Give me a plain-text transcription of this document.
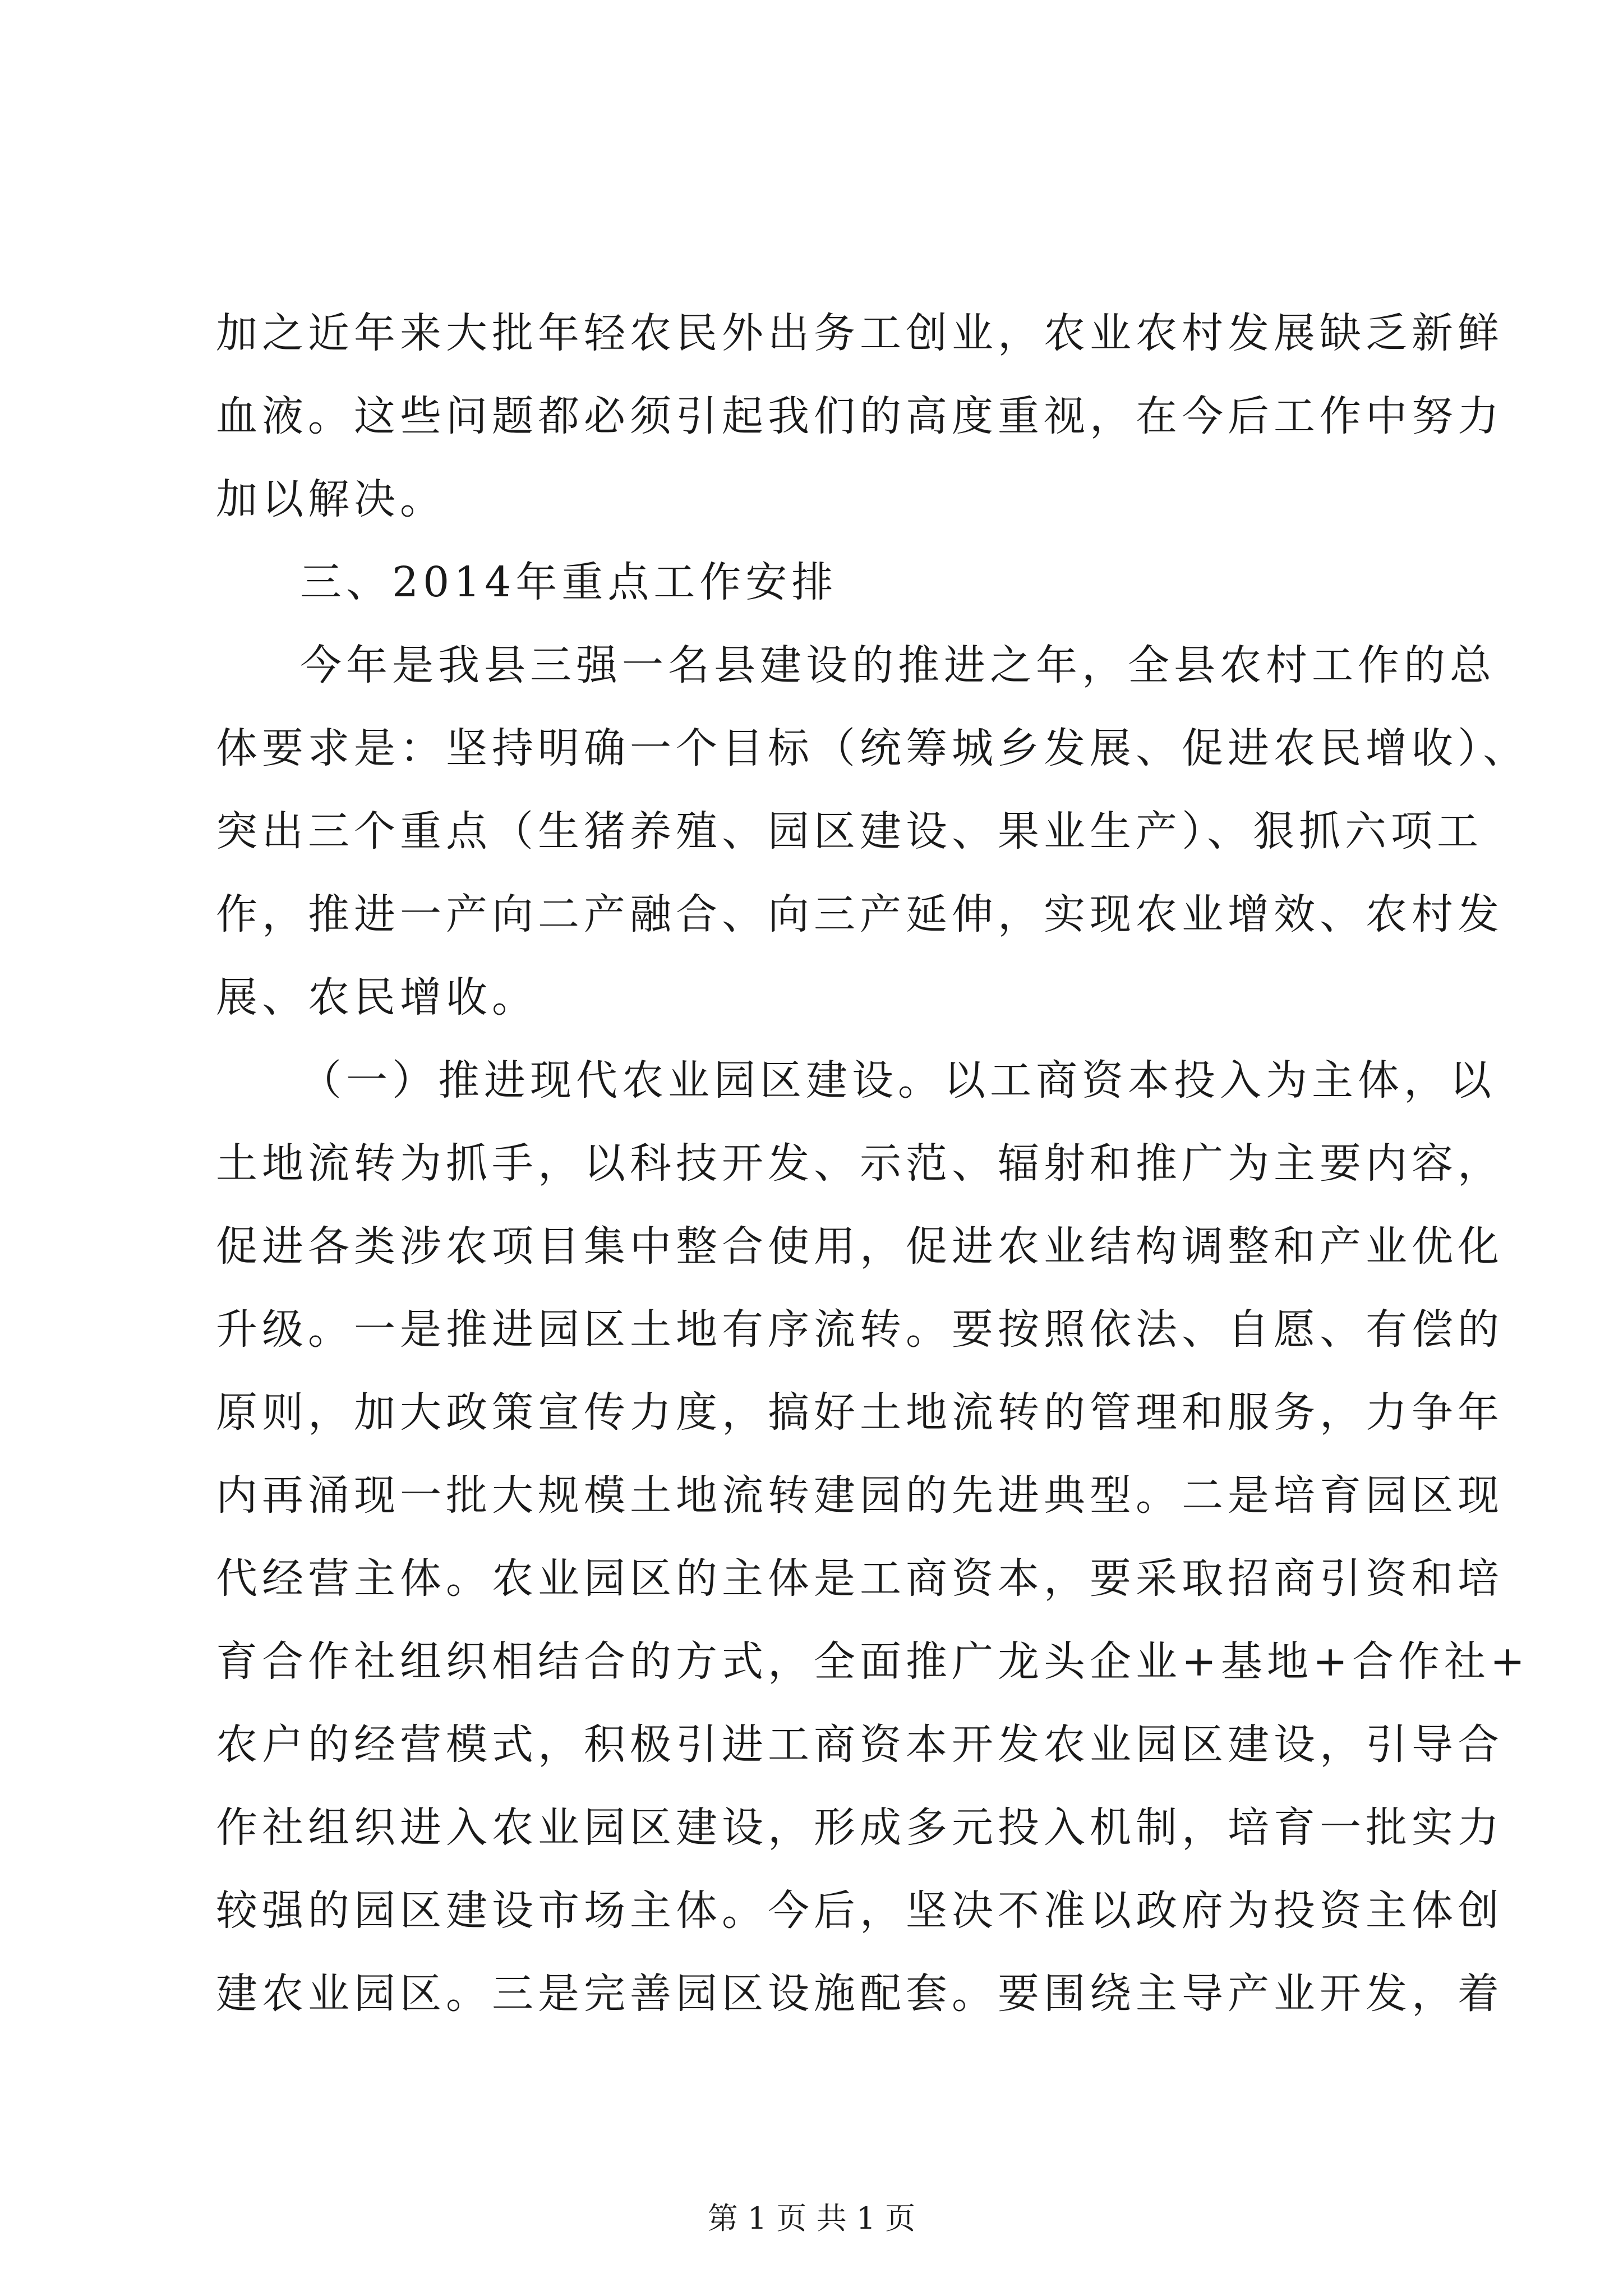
加之近年来大批年轻农民外出务工创业，农业农村发展缺乏新鲜
血液。这些问题都必须引起我们的高度重视，在今后工作中努力
加以解决。
三、2014年重点工作安排
今年是我县三强一名县建设的推进之年，全县农村工作的总
体要求是：坚持明确一个目标（统筹城乡发展、促进农民增收）、
突出三个重点（生猪养殖、园区建设、果业生产）、狠抓六项工
作，推进一产向二产融合、向三产延伸，实现农业增效、农村发
展、农民增收。
（一）推进现代农业园区建设。以工商资本投入为主体，以
土地流转为抓手，以科技开发、示范、辐射和推广为主要内容，
促进各类涉农项目集中整合使用，促进农业结构调整和产业优化
升级。一是推进园区土地有序流转。要按照依法、自愿、有偿的
原则，加大政策宣传力度，搞好土地流转的管理和服务，力争年
内再涌现一批大规模土地流转建园的先进典型。二是培育园区现
代经营主体。农业园区的主体是工商资本，要采取招商引资和培
育合作社组织相结合的方式，全面推广龙头企业+基地+合作社+
农户的经营模式，积极引进工商资本开发农业园区建设，引导合
作社组织进入农业园区建设，形成多元投入机制，培育一批实力
较强的园区建设市场主体。今后，坚决不准以政府为投资主体创
建农业园区。三是完善园区设施配套。要围绕主导产业开发，着
第 1 页 共 1 页
